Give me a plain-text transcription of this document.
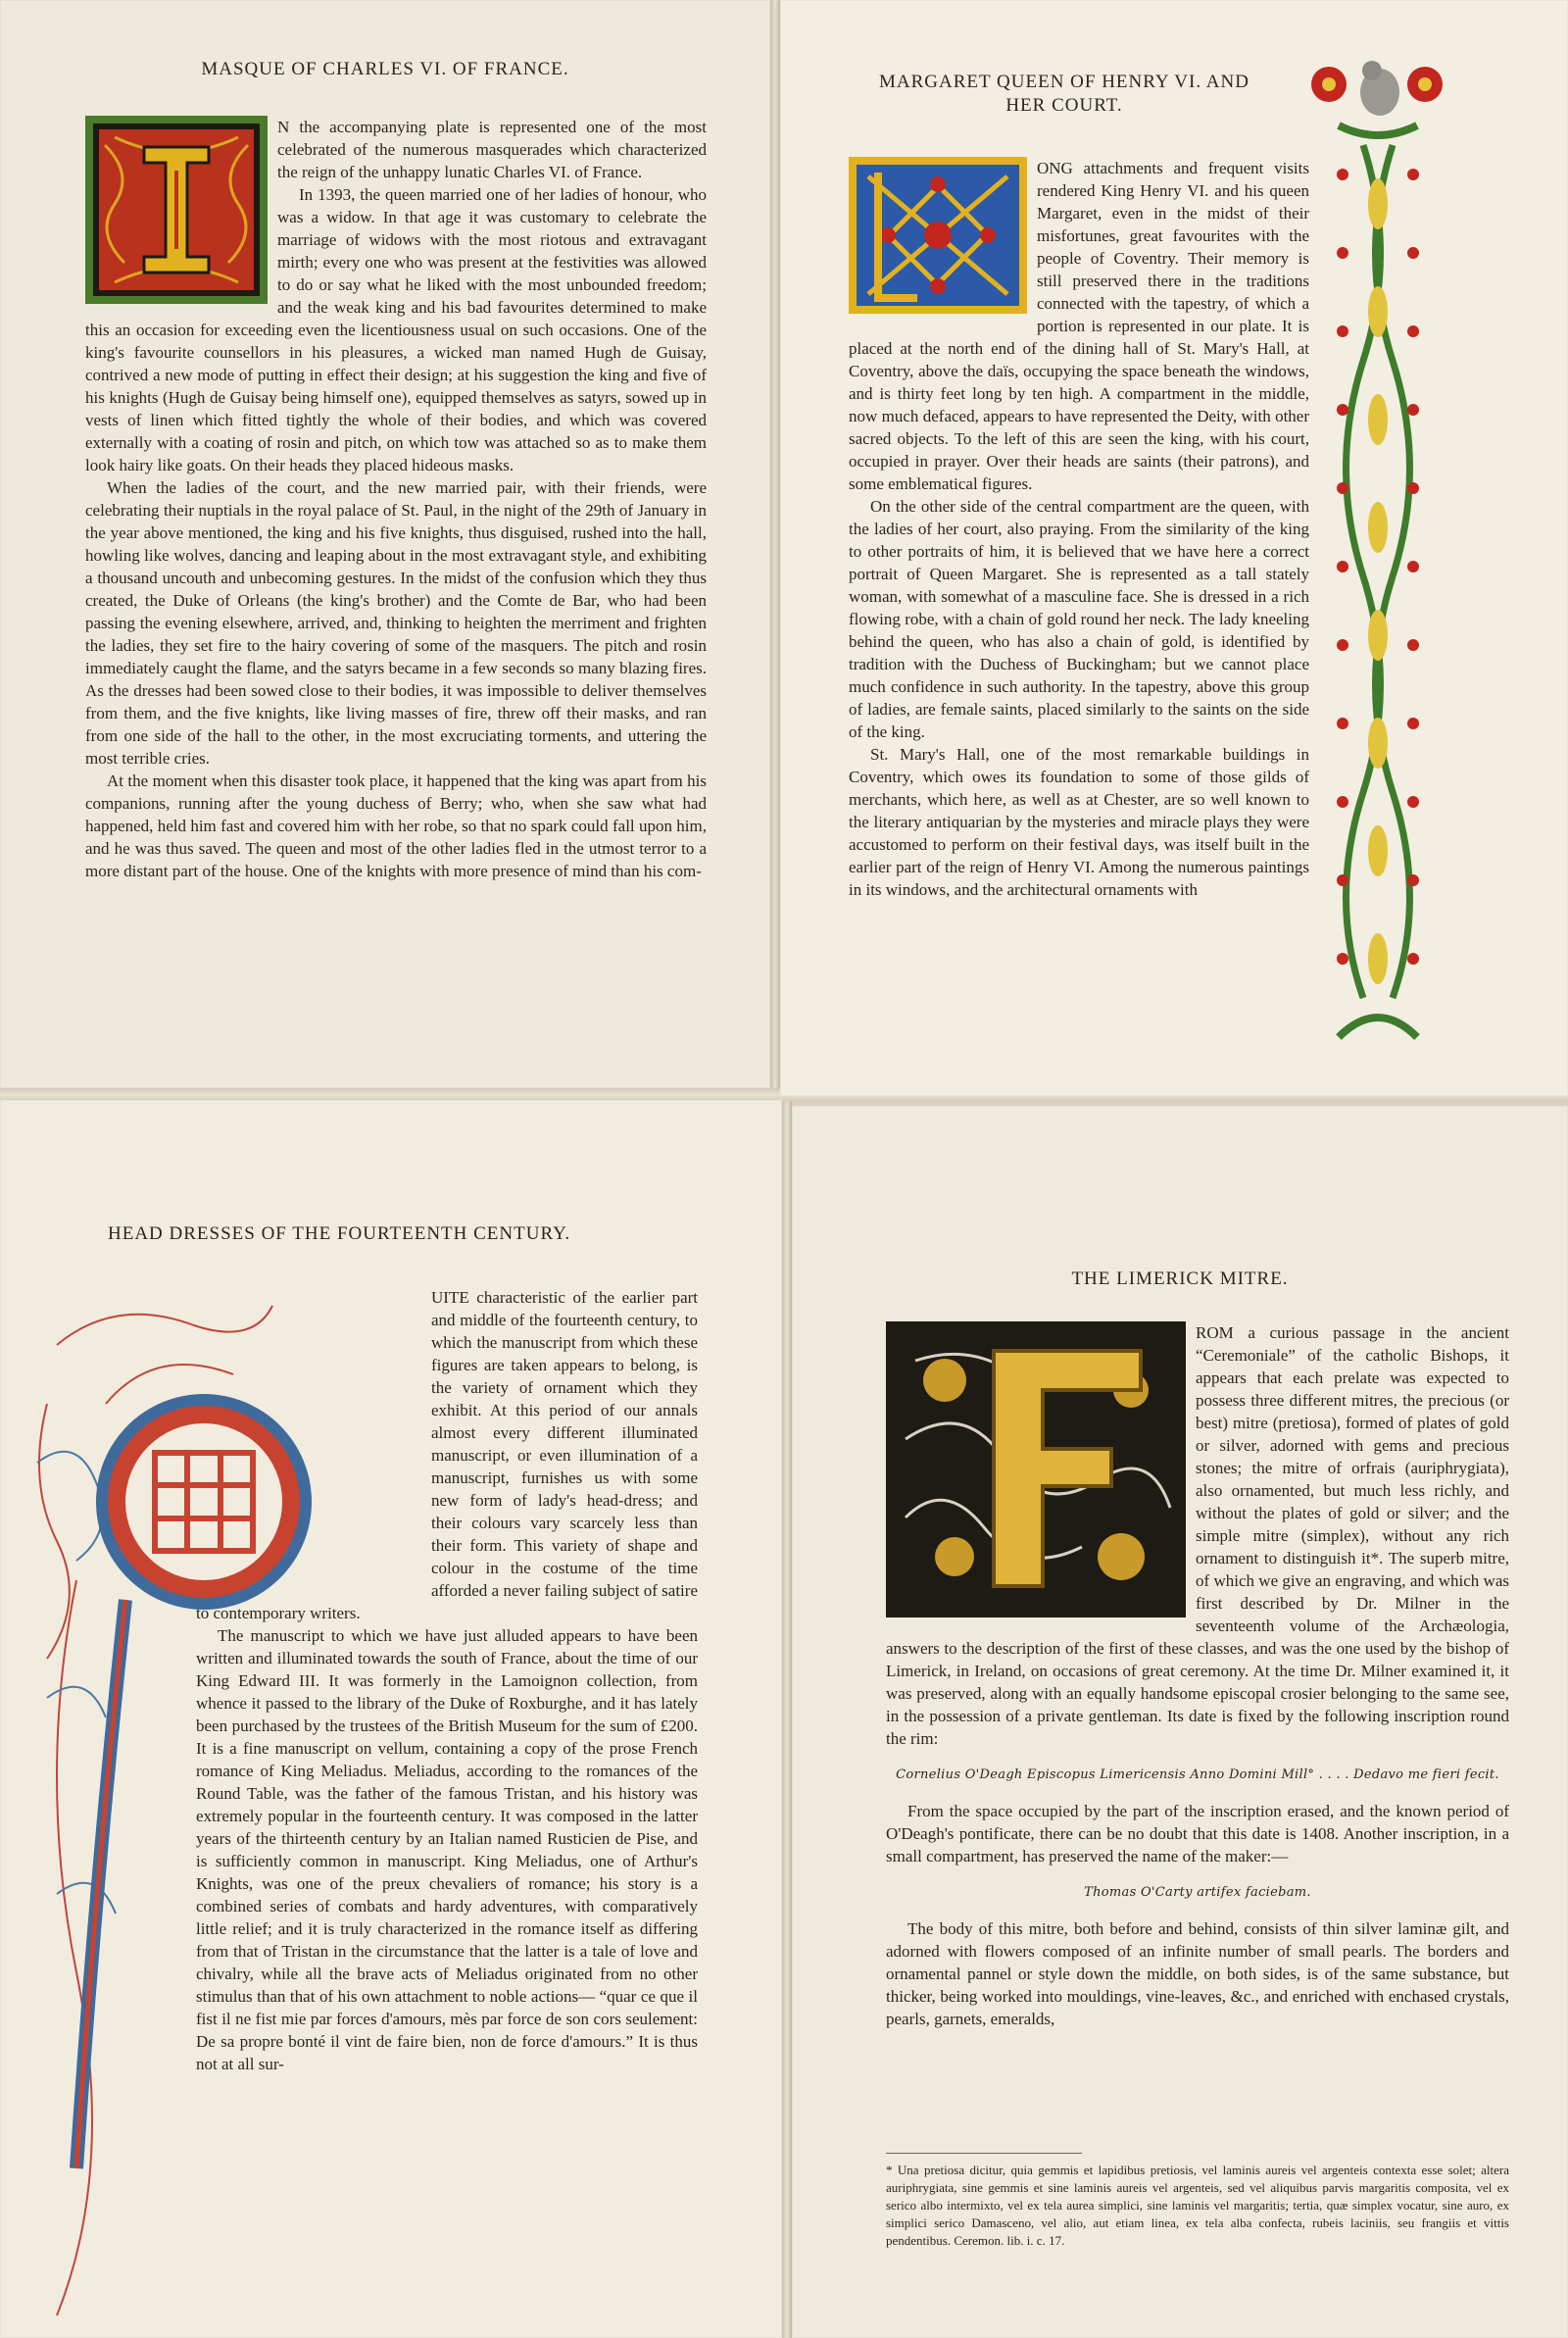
MASQUE OF CHARLES VI. OF FRANCE.

N the accompanying plate is represented one of the most celebrated of the numerous masquerades which characterized the reign of the unhappy lunatic Charles VI. of France.

In 1393, the queen married one of her ladies of honour, who was a widow. In that age it was customary to celebrate the marriage of widows with the most riotous and extravagant mirth; every one who was present at the festivities was allowed to do or say what he liked with the most unbounded freedom; and the weak king and his bad favourites determined to make this an occasion for exceeding even the licentiousness usual on such occasions. One of the king's favourite counsellors in his pleasures, a wicked man named Hugh de Guisay, contrived a new mode of putting in effect their design; at his suggestion the king and five of his knights (Hugh de Guisay being himself one), equipped themselves as satyrs, sowed up in vests of linen which fitted tightly the whole of their bodies, and which was covered externally with a coating of rosin and pitch, on which tow was attached so as to make them look hairy like goats. On their heads they placed hideous masks.

When the ladies of the court, and the new married pair, with their friends, were celebrating their nuptials in the royal palace of St. Paul, in the night of the 29th of January in the year above mentioned, the king and his five knights, thus disguised, rushed into the hall, howling like wolves, dancing and leaping about in the most extravagant style, and exhibiting a thousand uncouth and unbecoming gestures. In the midst of the confusion which they thus created, the Duke of Orleans (the king's brother) and the Comte de Bar, who had been passing the evening elsewhere, arrived, and, thinking to heighten the merriment and frighten the ladies, they set fire to the hairy covering of some of the masquers. The pitch and rosin immediately caught the flame, and the satyrs became in a few seconds so many blazing fires. As the dresses had been sowed close to their bodies, it was impossible to deliver themselves from them, and the five knights, like living masses of fire, threw off their masks, and ran from one side of the hall to the other, in the most excruciating torments, and uttering the most terrible cries.

At the moment when this disaster took place, it happened that the king was apart from his companions, running after the young duchess of Berry; who, when she saw what had happened, held him fast and covered him with her robe, so that no spark could fall upon him, and he was thus saved. The queen and most of the other ladies fled in the utmost terror to a more distant part of the house. One of the knights with more presence of mind than his com-

MARGARET QUEEN OF HENRY VI. AND
HER COURT.

ONG attachments and frequent visits rendered King Henry VI. and his queen Margaret, even in the midst of their misfortunes, great favourites with the people of Coventry. Their memory is still preserved there in the traditions connected with the tapestry, of which a portion is represented in our plate. It is placed at the north end of the dining hall of St. Mary's Hall, at Coventry, above the daïs, occupying the space beneath the windows, and is thirty feet long by ten high. A compartment in the middle, now much defaced, appears to have represented the Deity, with other sacred objects. To the left of this are seen the king, with his court, occupied in prayer. Over their heads are saints (their patrons), and some emblematical figures.

On the other side of the central compartment are the queen, with the ladies of her court, also praying. From the similarity of the king to other portraits of him, it is believed that we have here a correct portrait of Queen Margaret. She is represented as a tall stately woman, with somewhat of a masculine face. She is dressed in a rich flowing robe, with a chain of gold round her neck. The lady kneeling behind the queen, who has also a chain of gold, is identified by tradition with the Duchess of Buckingham; but we cannot place much confidence in such authority. In the tapestry, above this group of ladies, are female saints, placed similarly to the saints on the side of the king.

St. Mary's Hall, one of the most remarkable buildings in Coventry, which owes its foundation to some of those gilds of merchants, which here, as well as at Chester, are so well known to the literary antiquarian by the mysteries and miracle plays they were accustomed to perform on their festival days, was itself built in the earlier part of the reign of Henry VI. Among the numerous paintings in its windows, and the architectural ornaments with

HEAD DRESSES OF THE FOURTEENTH CENTURY.

UITE characteristic of the earlier part and middle of the fourteenth century, to which the manuscript from which these figures are taken appears to belong, is the variety of ornament which they exhibit. At this period of our annals almost every different illuminated manuscript, or even illumination of a manuscript, furnishes us with some new form of lady's head-dress; and their colours vary scarcely less than their form. This variety of shape and colour in the costume of the time afforded a never failing subject of satire to contemporary writers.

The manuscript to which we have just alluded appears to have been written and illuminated towards the south of France, about the time of our King Edward III. It was formerly in the Lamoignon collection, from whence it passed to the library of the Duke of Roxburghe, and it has lately been purchased by the trustees of the British Museum for the sum of £200. It is a fine manuscript on vellum, containing a copy of the prose French romance of King Meliadus. Meliadus, according to the romances of the Round Table, was the father of the famous Tristan, and his history was extremely popular in the fourteenth century. It was composed in the latter years of the thirteenth century by an Italian named Rusticien de Pise, and is sufficiently common in manuscript. King Meliadus, one of Arthur's Knights, was one of the preux chevaliers of romance; his story is a combined series of combats and hardy adventures, with comparatively little relief; and it is truly characterized in the romance itself as differing from that of Tristan in the circumstance that the latter is a tale of love and chivalry, while all the brave acts of Meliadus originated from no other stimulus than that of his own attachment to noble actions— “quar ce que il fist il ne fist mie par forces d'amours, mès par force de son cors seulement: De sa propre bonté il vint de faire bien, non de force d'amours.” It is thus not at all sur-

THE LIMERICK MITRE.

ROM a curious passage in the ancient “Ceremoniale” of the catholic Bishops, it appears that each prelate was expected to possess three different mitres, the precious (or best) mitre (pretiosa), formed of plates of gold or silver, adorned with gems and precious stones; the mitre of orfrais (auriphrygiata), also ornamented, but much less richly, and without the plates of gold or silver; and the simple mitre (simplex), without any rich ornament to distinguish it*. The superb mitre, of which we give an engraving, and which was first described by Dr. Milner in the seventeenth volume of the Archæologia, answers to the description of the first of these classes, and was the one used by the bishop of Limerick, in Ireland, on occasions of great ceremony. At the time Dr. Milner examined it, it was preserved, along with an equally handsome episcopal crosier belonging to the same see, in the possession of a private gentleman. Its date is fixed by the following inscription round the rim:

Cornelius O'Deagh Episcopus Limericensis Anno Domini Mill° . . . . Dedavo me fieri fecit.

From the space occupied by the part of the inscription erased, and the known period of O'Deagh's pontificate, there can be no doubt that this date is 1408. Another inscription, in a small compartment, has preserved the name of the maker:—

Thomas O'Carty artifex faciebam.

The body of this mitre, both before and behind, consists of thin silver laminæ gilt, and adorned with flowers composed of an infinite number of small pearls. The borders and ornamental pannel or style down the middle, on both sides, is of the same substance, but thicker, being worked into mouldings, vine-leaves, &c., and enriched with enchased crystals, pearls, garnets, emeralds,

* Una pretiosa dicitur, quia gemmis et lapidibus pretiosis, vel laminis aureis vel argenteis contexta esse solet; altera auriphrygiata, sine gemmis et sine laminis aureis vel argenteis, sed vel aliquibus parvis margaritis composita, vel ex serico albo intermixto, vel ex tela aurea simplici, sine laminis vel margaritis; tertia, quæ simplex vocatur, sine auro, ex simplici serico Damasceno, vel alio, aut etiam linea, ex tela alba confecta, rubeis laciniis, seu frangiis et vittis pendentibus. Ceremon. lib. i. c. 17.
